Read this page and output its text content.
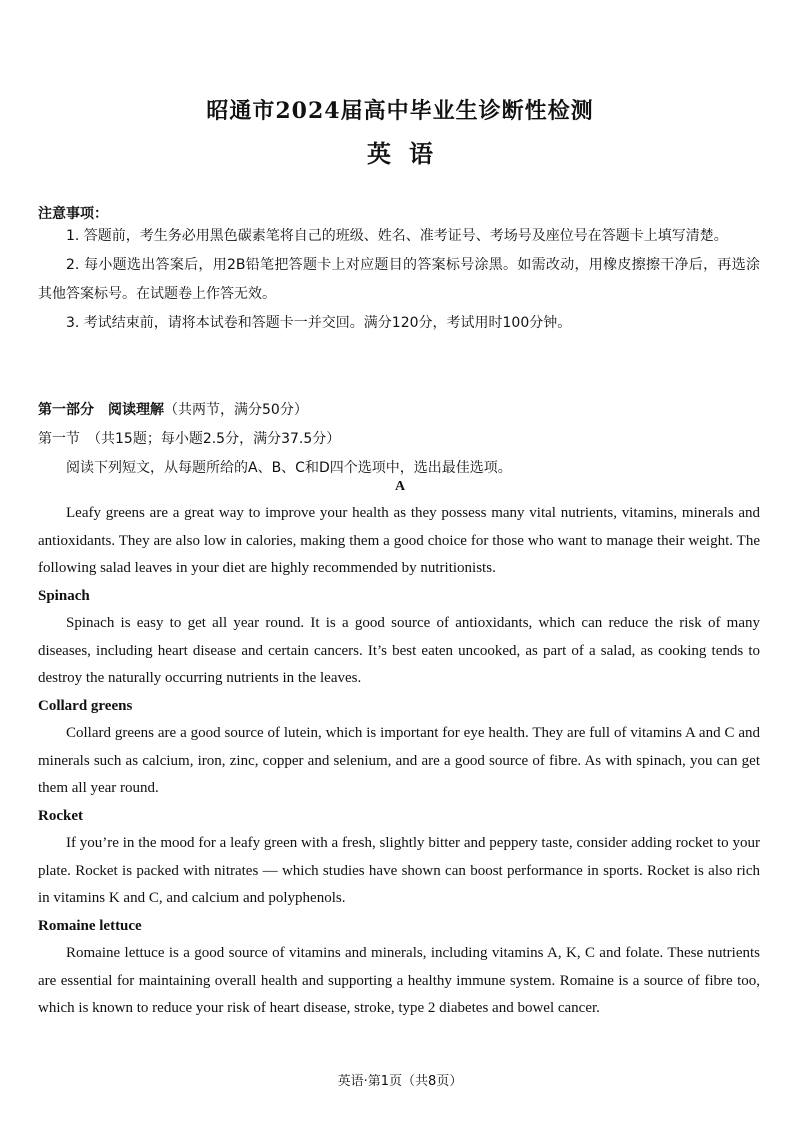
昭通市2024届高中毕业生诊断性检测
英语
注意事项：

1. 答题前，考生务必用黑色碳素笔将自己的班级、姓名、准考证号、考场号及座位号在答题卡上填写清楚。

2. 每小题选出答案后，用2B铅笔把答题卡上对应题目的答案标号涂黑。如需改动，用橡皮擦擦干净后，再选涂其他答案标号。在试题卷上作答无效。

3. 考试结束前，请将本试卷和答题卡一并交回。满分120分，考试用时100分钟。

第一部分　阅读理解（共两节，满分50分）
第一节　（共15题；每小题2.5分，满分37.5分）
阅读下列短文，从每题所给的A、B、C和D四个选项中，选出最佳选项。
A

Leafy greens are a great way to improve your health as they possess many vital nutrients, vitamins, minerals and antioxidants. They are also low in calories, making them a good choice for those who want to manage their weight. The following salad leaves in your diet are highly recommended by nutritionists.

Spinach

Spinach is easy to get all year round. It is a good source of antioxidants, which can reduce the risk of many diseases, including heart disease and certain cancers. It’s best eaten uncooked, as part of a salad, as cooking tends to destroy the naturally occurring nutrients in the leaves.

Collard greens

Collard greens are a good source of lutein, which is important for eye health. They are full of vitamins A and C and minerals such as calcium, iron, zinc, copper and selenium, and are a good source of fibre. As with spinach, you can get them all year round.

Rocket

If you’re in the mood for a leafy green with a fresh, slightly bitter and peppery taste, consider adding rocket to your plate. Rocket is packed with nitrates — which studies have shown can boost performance in sports. Rocket is also rich in vitamins K and C, and calcium and polyphenols.

Romaine lettuce

Romaine lettuce is a good source of vitamins and minerals, including vitamins A, K, C and folate. These nutrients are essential for maintaining overall health and supporting a healthy immune system. Romaine is a source of fibre too, which is known to reduce your risk of heart disease, stroke, type 2 diabetes and bowel cancer.

英语·第1页（共8页）
